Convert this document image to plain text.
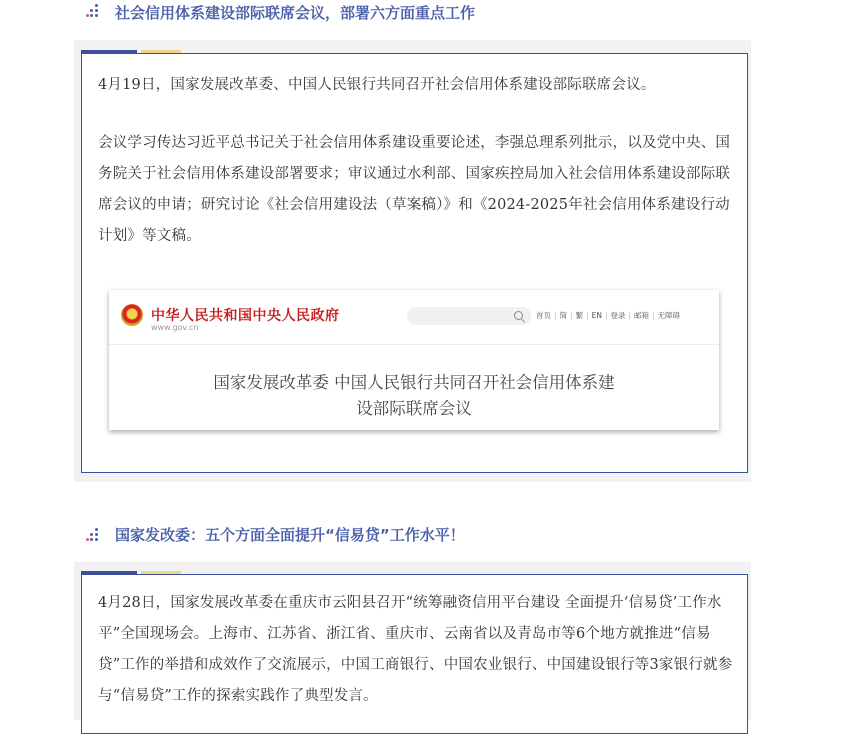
社会信用体系建设部际联席会议，部署六方面重点工作
4月19日，国家发展改革委、中国人民银行共同召开社会信用体系建设部际联席会议。
会议学习传达习近平总书记关于社会信用体系建设重要论述，李强总理系列批示，以及党中央、国务院关于社会信用体系建设部署要求；审议通过水利部、国家疾控局加入社会信用体系建设部际联席会议的申请；研究讨论《社会信用建设法（草案稿）》和《2024-2025年社会信用体系建设行动计划》等文稿。
中华人民共和国中央人民政府
www.gov.cn
首页 | 简 | 繁 | EN | 登录 | 邮箱 | 无障碍
国家发展改革委 中国人民银行共同召开社会信用体系建
设部际联席会议
国家发改委：五个方面全面提升“信易贷”工作水平！
4月28日，国家发展改革委在重庆市云阳县召开“统筹融资信用平台建设 全面提升‘信易贷’工作水平”全国现场会。上海市、江苏省、浙江省、重庆市、云南省以及青岛市等6个地方就推进“信易贷”工作的举措和成效作了交流展示，中国工商银行、中国农业银行、中国建设银行等3家银行就参与“信易贷”工作的探索实践作了典型发言。
